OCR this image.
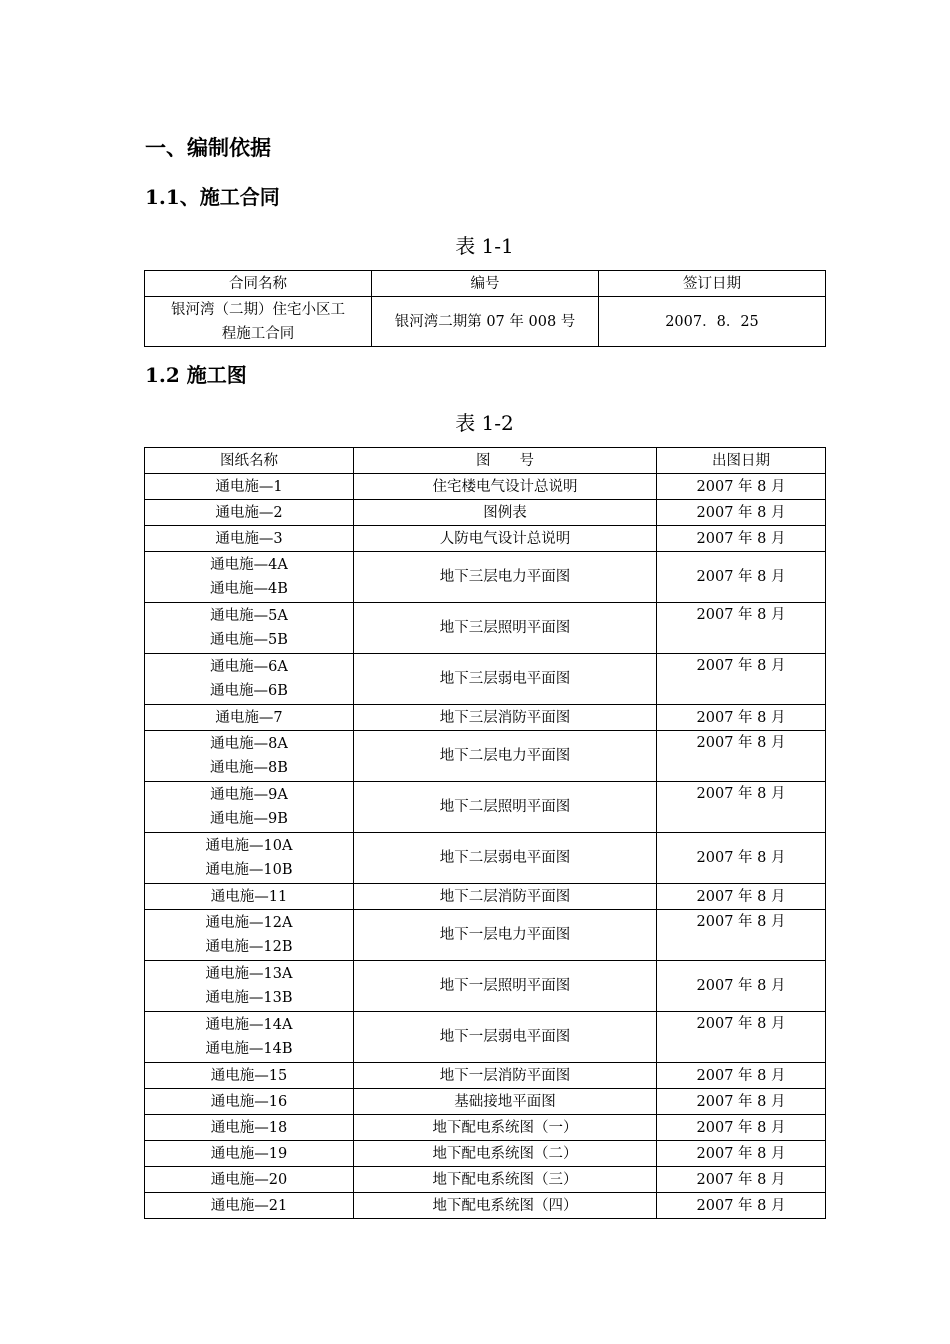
一、编制依据
1.1、施工合同
表 1-1
合同名称	编号	签订日期

银河湾（二期）住宅小区工
程施工合同	银河湾二期第 07 年 008 号	2007．8．25
1.2 施工图
表 1-2
图纸名称	图　　号	出图日期

通电施—1	住宅楼电气设计总说明	2007 年 8 月

通电施—2	图例表	2007 年 8 月

通电施—3	人防电气设计总说明	2007 年 8 月

通电施—4A
通电施—4B	地下三层电力平面图	2007 年 8 月

通电施—5A
通电施—5B	地下三层照明平面图	2007 年 8 月

通电施—6A
通电施—6B	地下三层弱电平面图	2007 年 8 月

通电施—7	地下三层消防平面图	2007 年 8 月

通电施—8A
通电施—8B	地下二层电力平面图	2007 年 8 月

通电施—9A
通电施—9B	地下二层照明平面图	2007 年 8 月

通电施—10A
通电施—10B	地下二层弱电平面图	2007 年 8 月

通电施—11	地下二层消防平面图	2007 年 8 月

通电施—12A
通电施—12B	地下一层电力平面图	2007 年 8 月

通电施—13A
通电施—13B	地下一层照明平面图	2007 年 8 月

通电施—14A
通电施—14B	地下一层弱电平面图	2007 年 8 月

通电施—15	地下一层消防平面图	2007 年 8 月

通电施—16	基础接地平面图	2007 年 8 月

通电施—18	地下配电系统图（一）	2007 年 8 月

通电施—19	地下配电系统图（二）	2007 年 8 月

通电施—20	地下配电系统图（三）	2007 年 8 月

通电施—21	地下配电系统图（四）	2007 年 8 月
